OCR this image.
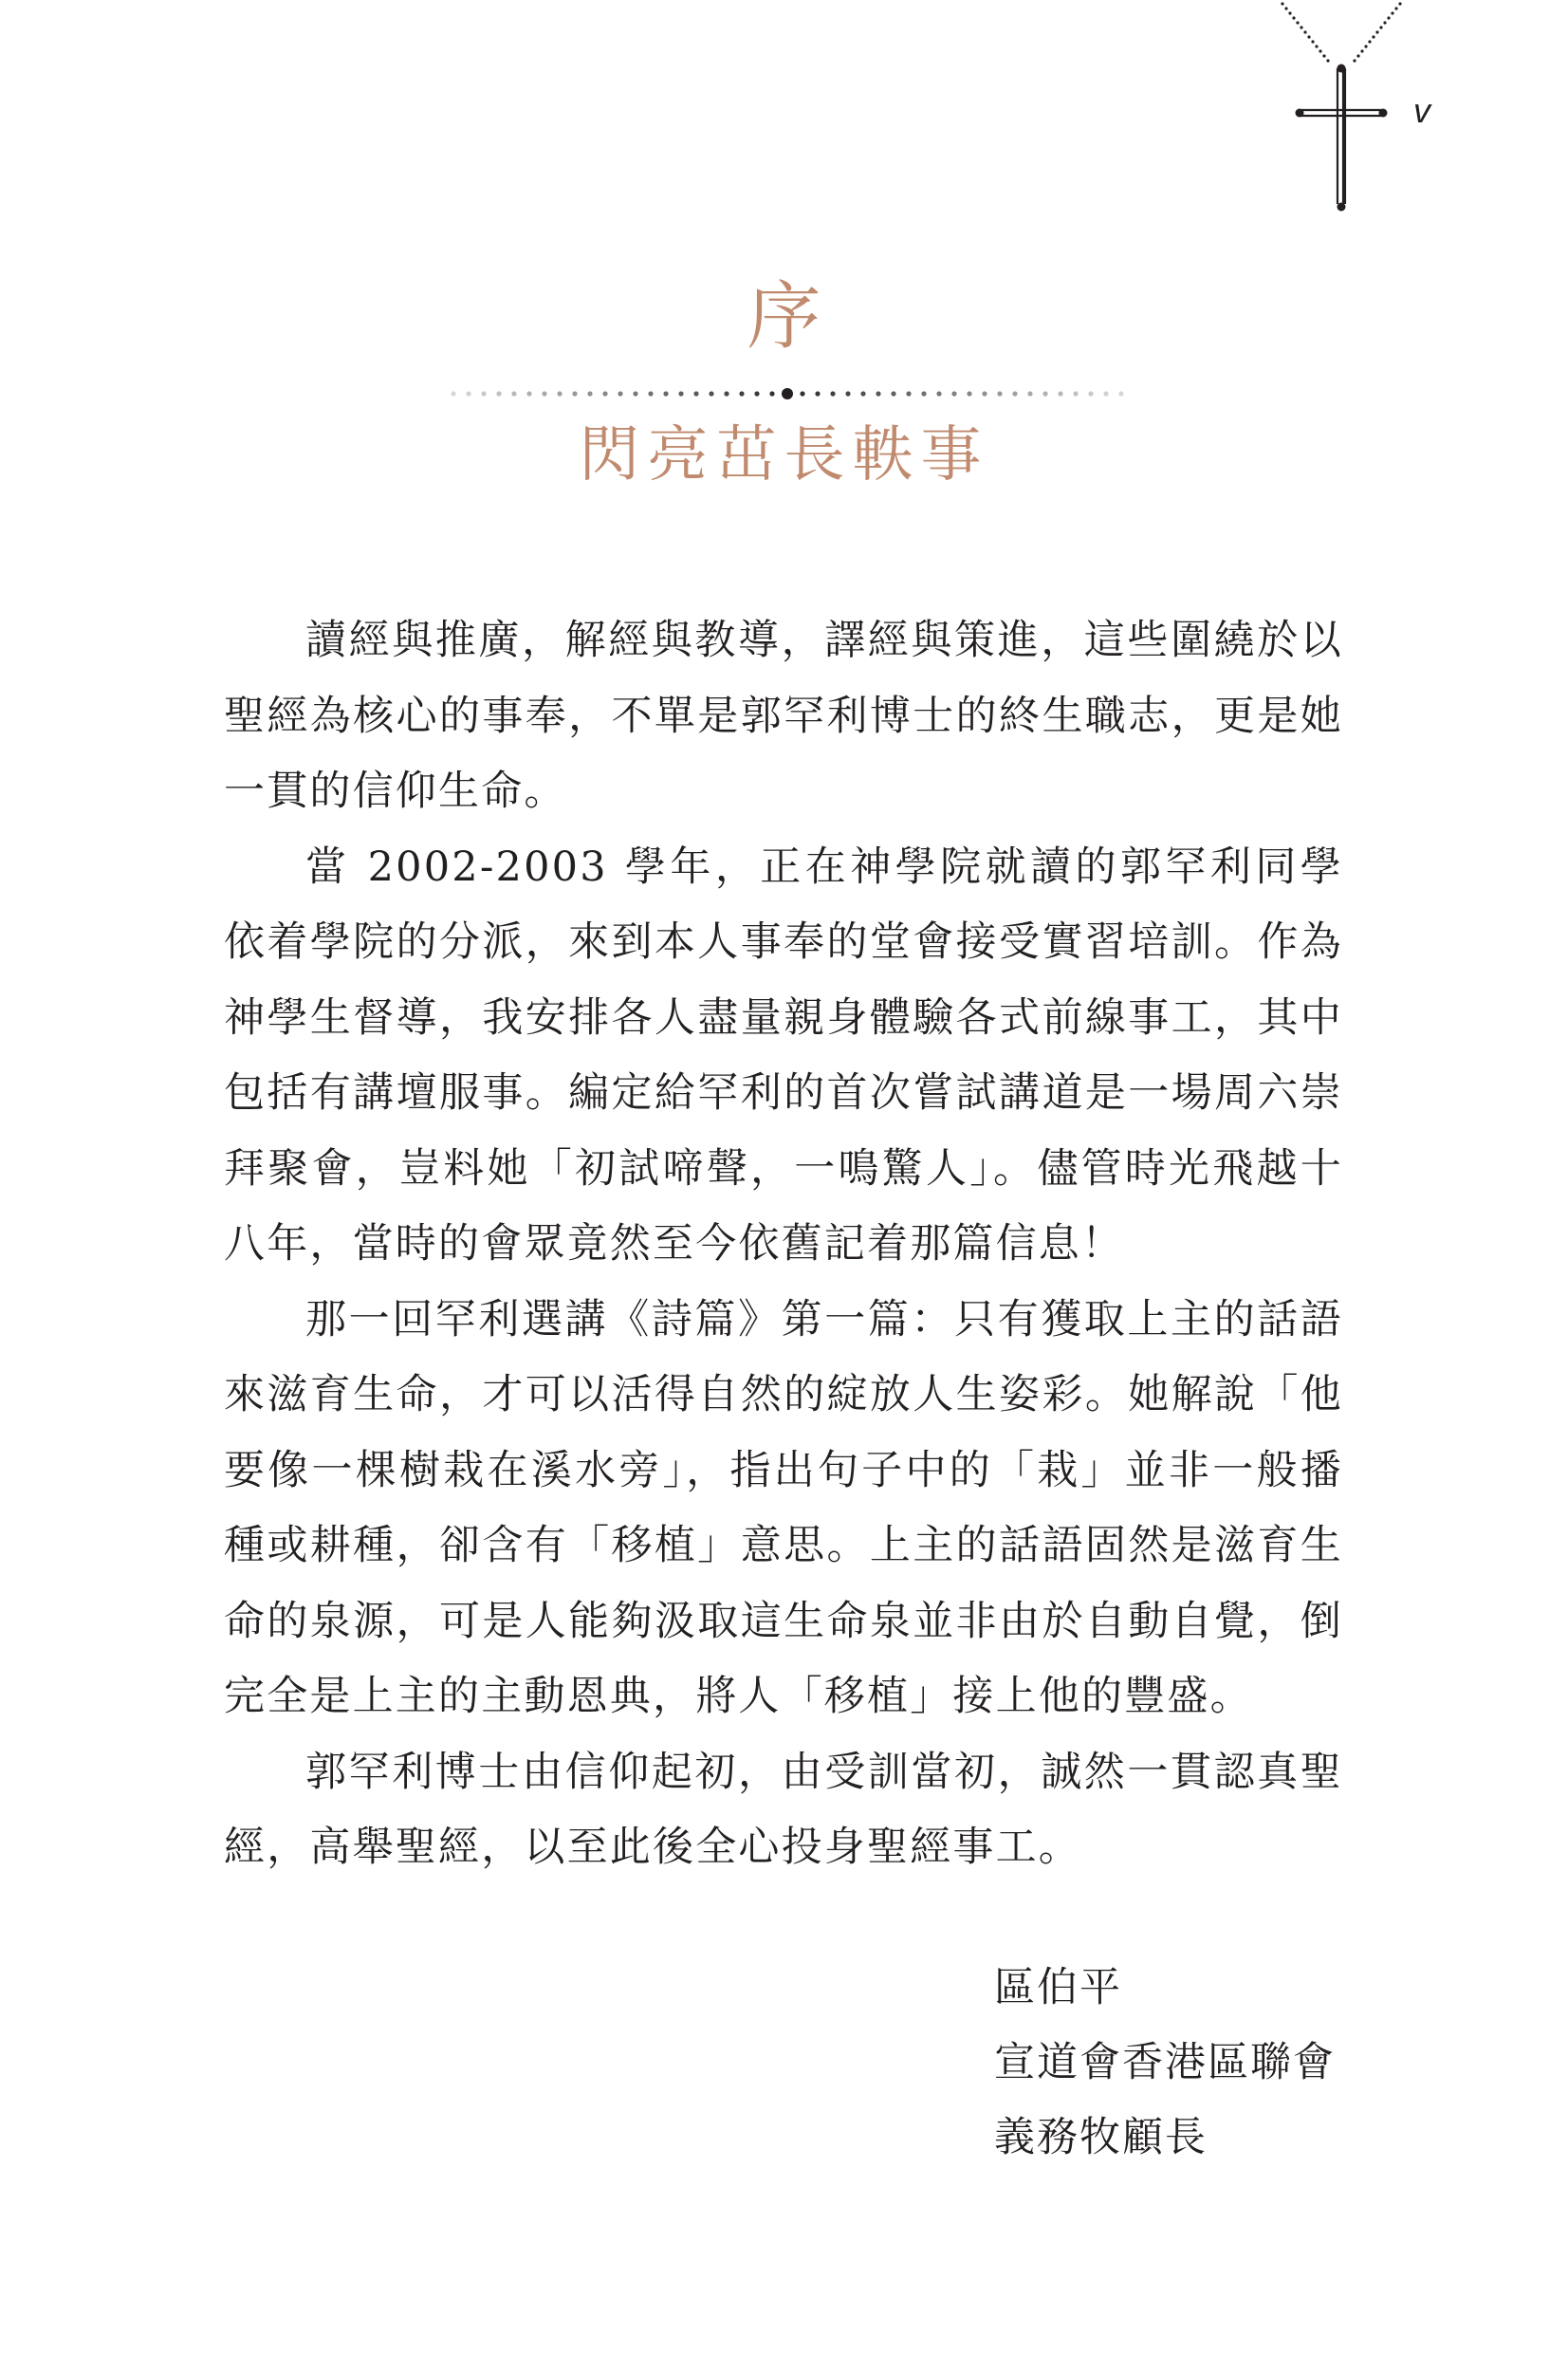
v
序
閃亮茁長軼事

讀經與推廣，解經與教導，譯經與策進，這些圍繞於以聖經為核心的事奉，不單是郭罕利博士的終生職志，更是她一貫的信仰生命。

當 2002-2003 學年，正在神學院就讀的郭罕利同學依着學院的分派，來到本人事奉的堂會接受實習培訓。作為神學生督導，我安排各人盡量親身體驗各式前線事工，其中包括有講壇服事。編定給罕利的首次嘗試講道是一場周六崇拜聚會，豈料她「初試啼聲，一鳴驚人」。儘管時光飛越十八年，當時的會眾竟然至今依舊記着那篇信息！

那一回罕利選講《詩篇》第一篇：只有獲取上主的話語來滋育生命，才可以活得自然的綻放人生姿彩。她解說「他要像一棵樹栽在溪水旁」，指出句子中的「栽」並非一般播種或耕種，卻含有「移植」意思。上主的話語固然是滋育生命的泉源，可是人能夠汲取這生命泉並非由於自動自覺，倒完全是上主的主動恩典，將人「移植」接上他的豐盛。

郭罕利博士由信仰起初，由受訓當初，誠然一貫認真聖經，高舉聖經，以至此後全心投身聖經事工。

區伯平
宣道會香港區聯會
義務牧顧長
